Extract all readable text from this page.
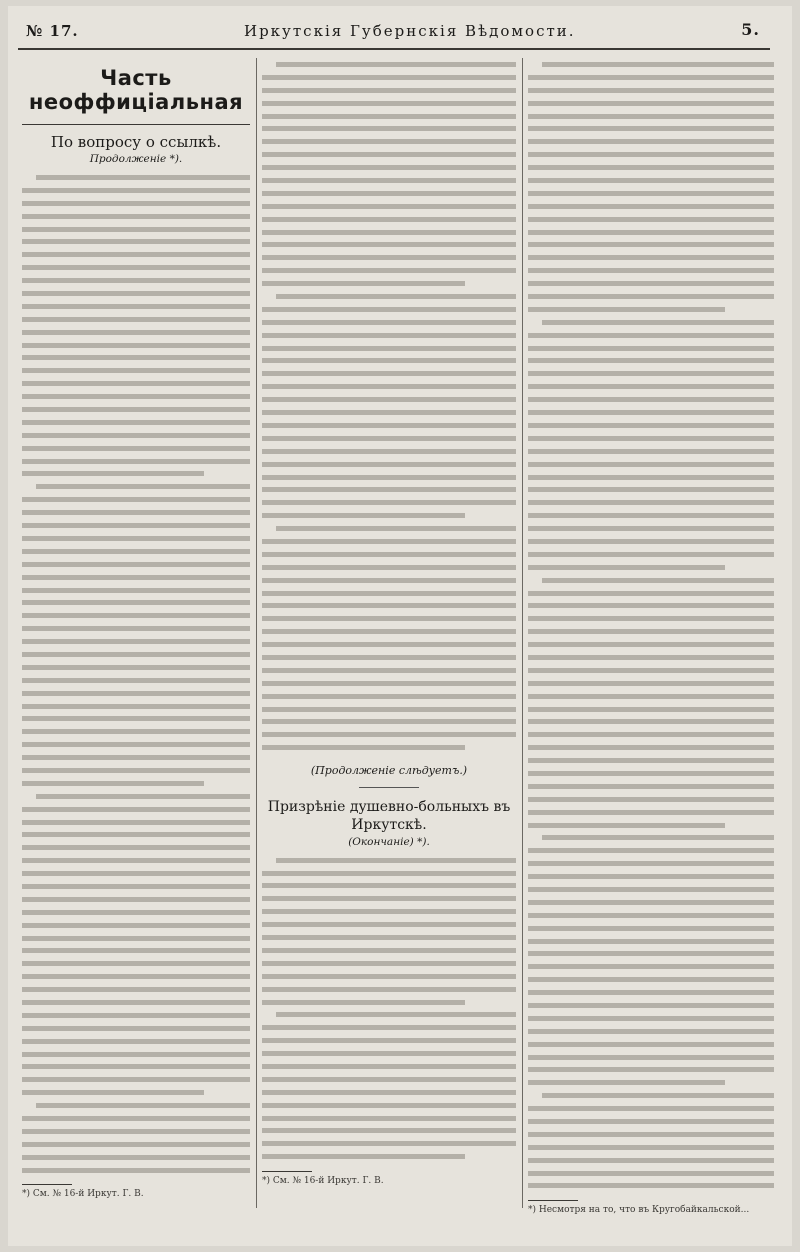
№ 17.	Иркутскія Губернскія Вѣдомости.	5.
Часть неоффиціальная
По вопросу о ссылкѣ.
Продолженіе *).
*) См. № 16-й Иркут. Г. В.
(Продолженіе слѣдуетъ.)
Призрѣніе душевно-больныхъ въ Иркутскѣ.
(Окончаніе) *).
*) См. № 16-й Иркут. Г. В.
*) Несмотря на то, что въ Кругобайкальской...
